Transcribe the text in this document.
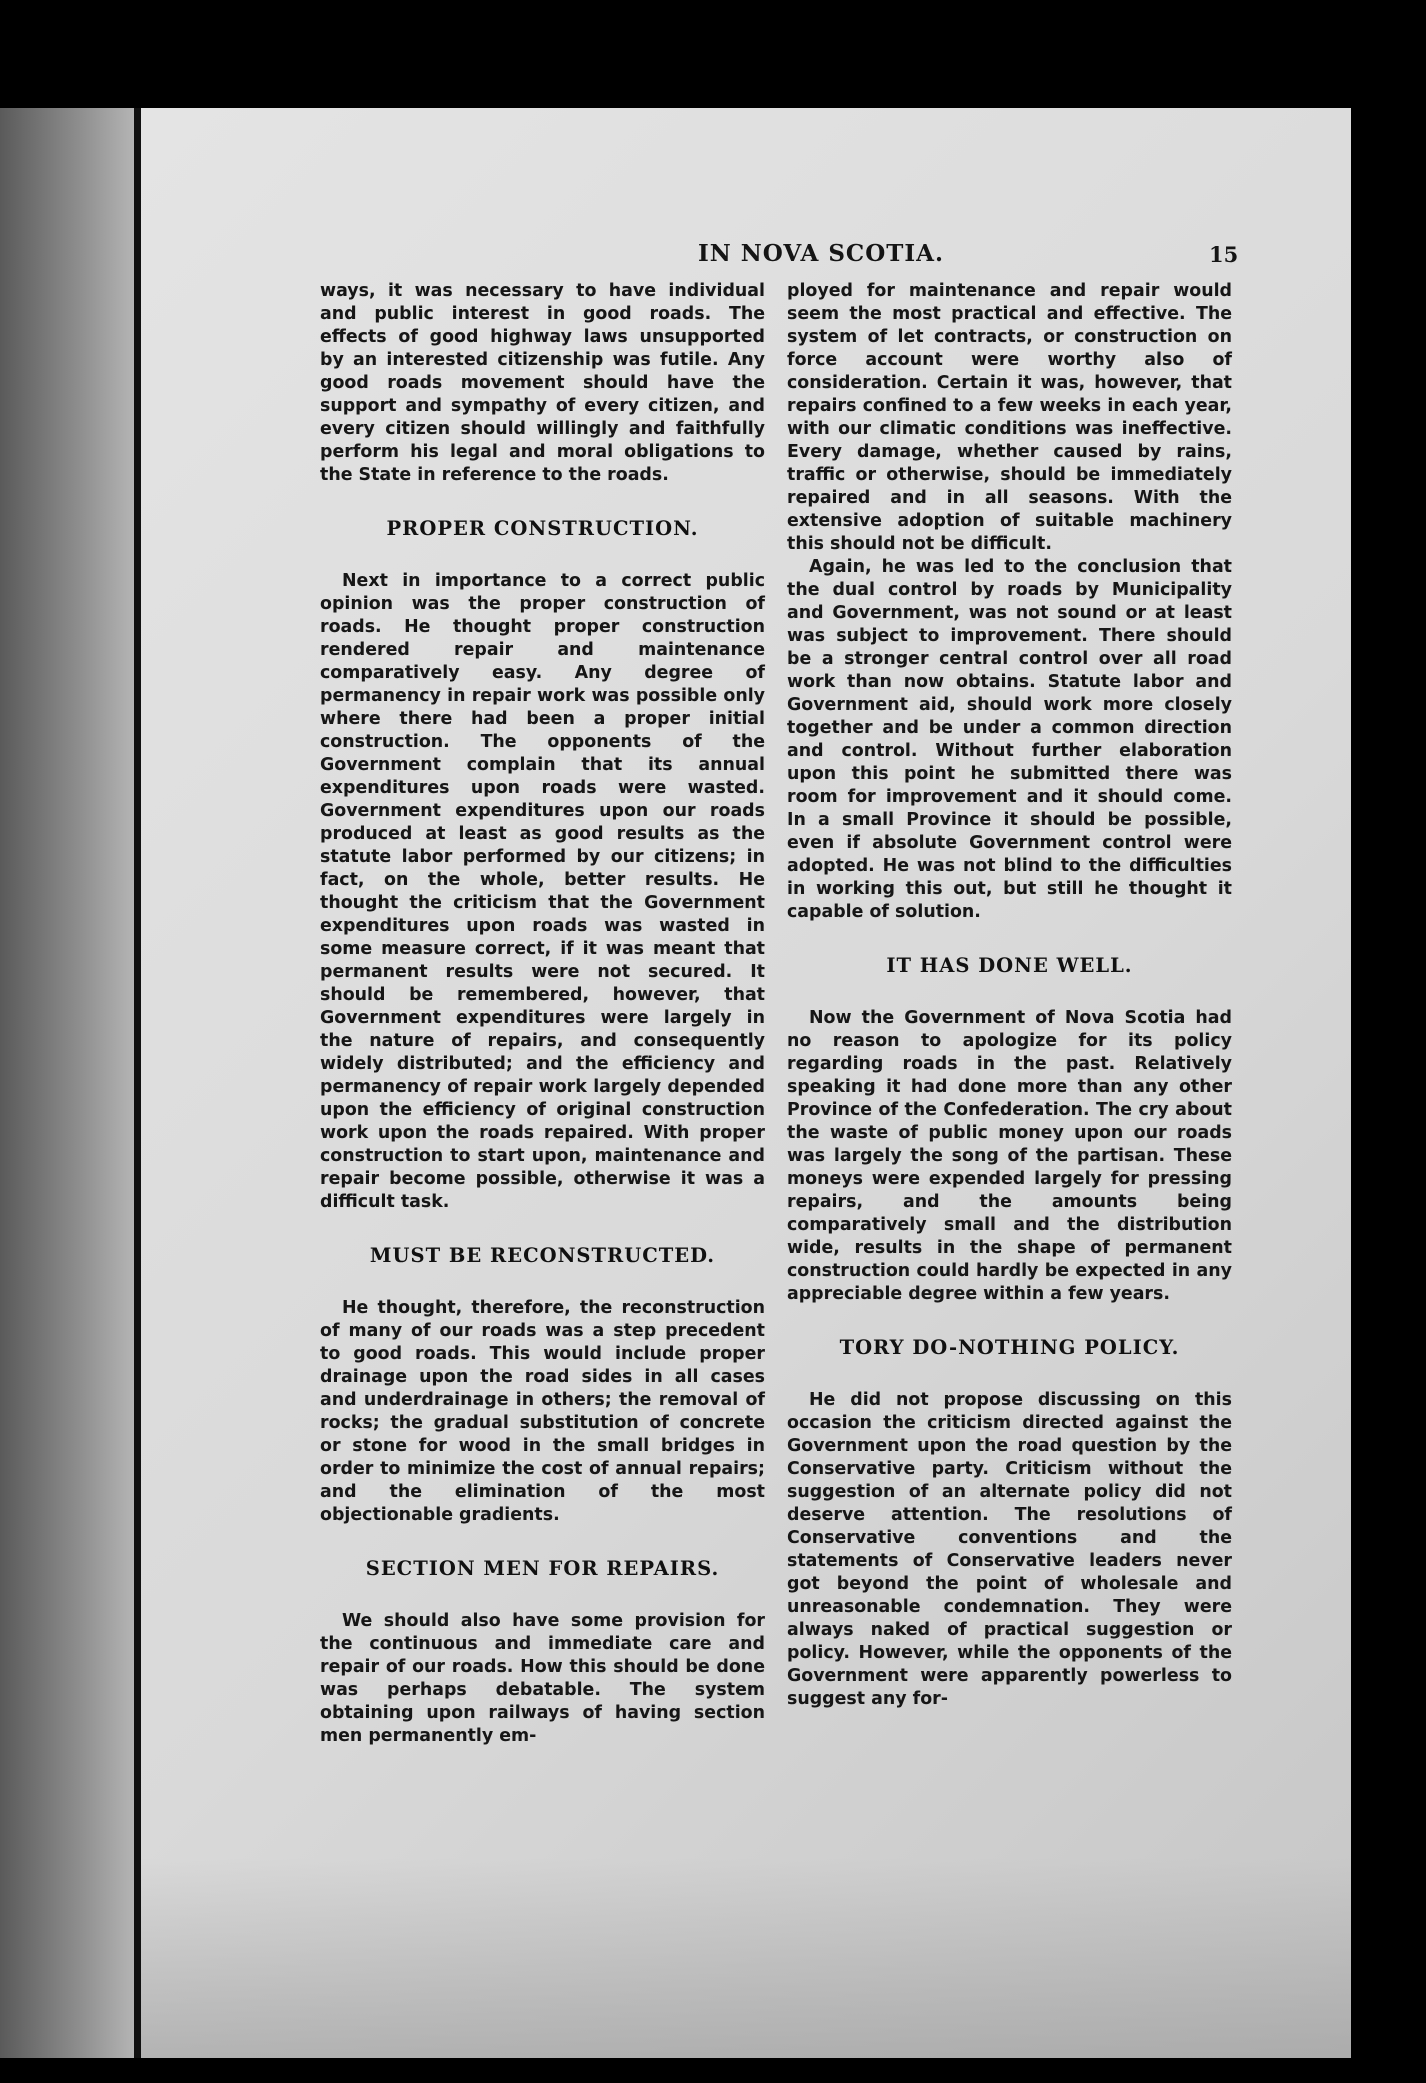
IN NOVA SCOTIA.	15

ways, it was necessary to have individual and public interest in good roads. The effects of good highway laws unsupported by an interested citizenship was futile. Any good roads movement should have the support and sympathy of every citizen, and every citizen should willingly and faithfully perform his legal and moral obligations to the State in reference to the roads.

PROPER CONSTRUCTION.

Next in importance to a correct public opinion was the proper construction of roads. He thought proper construction rendered repair and maintenance comparatively easy. Any degree of permanency in repair work was possible only where there had been a proper initial construction. The opponents of the Government complain that its annual expenditures upon roads were wasted. Government expenditures upon our roads produced at least as good results as the statute labor performed by our citizens; in fact, on the whole, better results. He thought the criticism that the Government expenditures upon roads was wasted in some measure correct, if it was meant that permanent results were not secured. It should be remembered, however, that Government expenditures were largely in the nature of repairs, and consequently widely distributed; and the efficiency and permanency of repair work largely depended upon the efficiency of original construction work upon the roads repaired. With proper construction to start upon, maintenance and repair become possible, otherwise it was a difficult task.

MUST BE RECONSTRUCTED.

He thought, therefore, the reconstruction of many of our roads was a step precedent to good roads. This would include proper drainage upon the road sides in all cases and underdrainage in others; the removal of rocks; the gradual substitution of concrete or stone for wood in the small bridges in order to minimize the cost of annual repairs; and the elimination of the most objectionable gradients.

SECTION MEN FOR REPAIRS.

We should also have some provision for the continuous and immediate care and repair of our roads. How this should be done was perhaps debatable. The system obtaining upon railways of having section men permanently em-

ployed for maintenance and repair would seem the most practical and effective. The system of let contracts, or construction on force account were worthy also of consideration. Certain it was, however, that repairs confined to a few weeks in each year, with our climatic conditions was ineffective. Every damage, whether caused by rains, traffic or otherwise, should be immediately repaired and in all seasons. With the extensive adoption of suitable machinery this should not be difficult.

Again, he was led to the conclusion that the dual control by roads by Municipality and Government, was not sound or at least was subject to improvement. There should be a stronger central control over all road work than now obtains. Statute labor and Government aid, should work more closely together and be under a common direction and control. Without further elaboration upon this point he submitted there was room for improvement and it should come. In a small Province it should be possible, even if absolute Government control were adopted. He was not blind to the difficulties in working this out, but still he thought it capable of solution.

IT HAS DONE WELL.

Now the Government of Nova Scotia had no reason to apologize for its policy regarding roads in the past. Relatively speaking it had done more than any other Province of the Confederation. The cry about the waste of public money upon our roads was largely the song of the partisan. These moneys were expended largely for pressing repairs, and the amounts being comparatively small and the distribution wide, results in the shape of permanent construction could hardly be expected in any appreciable degree within a few years.

TORY DO-NOTHING POLICY.

He did not propose discussing on this occasion the criticism directed against the Government upon the road question by the Conservative party. Criticism without the suggestion of an alternate policy did not deserve attention. The resolutions of Conservative conventions and the statements of Conservative leaders never got beyond the point of wholesale and unreasonable condemnation. They were always naked of practical suggestion or policy. However, while the opponents of the Government were apparently powerless to suggest any for-
